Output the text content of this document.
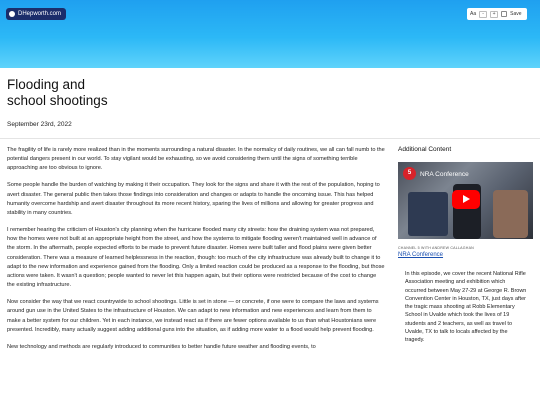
DHepworth.com	Aa	-	+	Save
Flooding and
school shootings
September 23rd, 2022

The fragility of life is rarely more realized than in the moments surrounding a natural disaster. In the normalcy of daily routines, we all can fall numb to the potential dangers present in our world. To stay vigilant would be exhausting, so we avoid considering them until the signs of something terrible approaching are too obvious to ignore.

Some people handle the burden of watching by making it their occupation. They look for the signs and share it with the rest of the population, hoping to avert disaster. The general public then takes those findings into consideration and changes or adapts to handle the oncoming issue. This has helped humanity overcome hardship and avert disaster throughout its more recent history, sparing the lives of millions and allowing for greater progress and stability in many countries.

I remember hearing the criticism of Houston's city planning when the hurricane flooded many city streets: how the draining system was not prepared, how the homes were not built at an appropriate height from the street, and how the systems to mitigate flooding weren't maintained well in advance of the storm. In the aftermath, people expected efforts to be made to prevent future disaster. Homes were built taller and flood plains were given better consideration. There was a measure of learned helplessness in the reaction, though: too much of the city infrastructure was already built to change it to adapt to the new information and experience gained from the flooding. Only a limited reaction could be produced as a response to the flooding, but those actions were taken. It wasn't a question; people wanted to never let this happen again, but their options were restricted because of the cost to change the existing infrastructure.

Now consider the way that we react countrywide to school shootings. Little is set in stone — or concrete, if one were to compare the laws and systems around gun use in the United States to the infrastructure of Houston. We can adapt to new information and new experiences and learn from them to make a better system for our children. Yet in each instance, we instead react as if there are fewer options available to us than what Houstonians were presented. Incredibly, many actually suggest adding additional guns into the situation, as if adding more water to a flood would help prevent flooding.

New technology and methods are regularly introduced to communities to better handle future weather and flooding events, to

Additional Content
5	NRA Conference
CHANNEL 5 WITH ANDREW CALLAGHAN
NRA Conference
In this episode, we cover the recent National Rifle Association meeting and exhibition which occurred between May 27-29 at George R. Brown Convention Center in Houston, TX, just days after the tragic mass shooting at Robb Elementary School in Uvalde which took the lives of 19 students and 2 teachers, as well as travel to Uvalde, TX to talk to locals affected by the tragedy.
